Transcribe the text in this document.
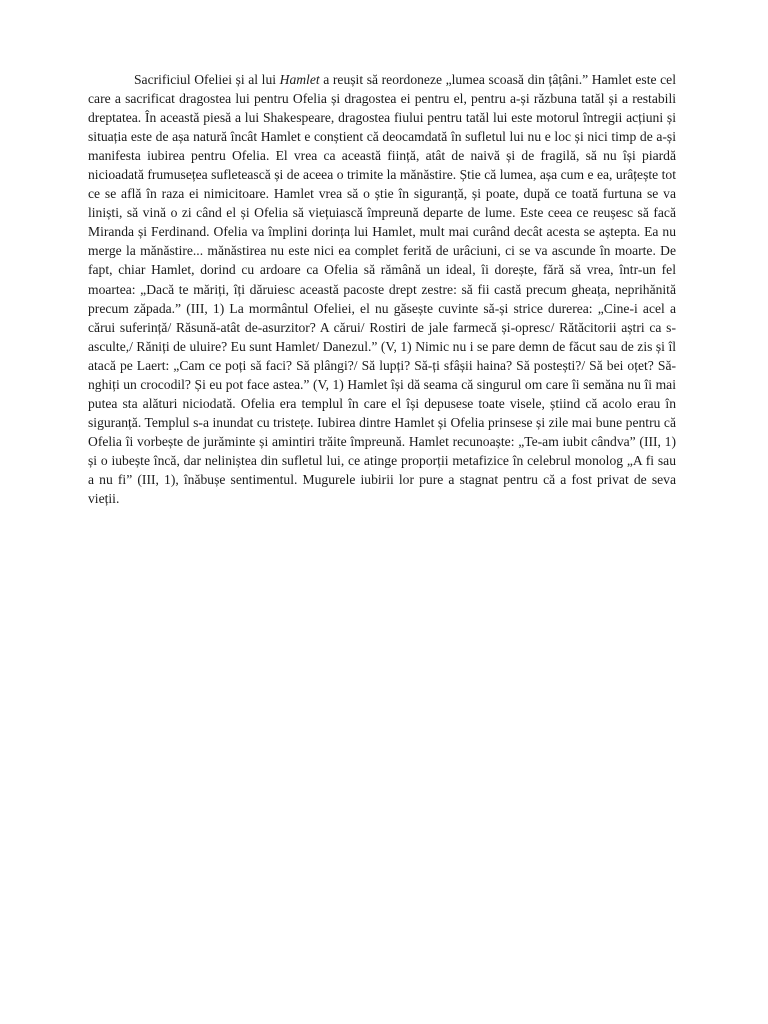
Sacrificiul Ofeliei și al lui Hamlet a reușit să reordoneze „lumea scoasă din țâțâni.” Hamlet este cel care a sacrificat dragostea lui pentru Ofelia și dragostea ei pentru el, pentru a-și răzbuna tatăl și a restabili dreptatea. În această piesă a lui Shakespeare, dragostea fiului pentru tatăl lui este motorul întregii acțiuni și situația este de așa natură încât Hamlet e conștient că deocamdată în sufletul lui nu e loc și nici timp de a-și manifesta iubirea pentru Ofelia. El vrea ca această ființă, atât de naivă și de fragilă, să nu își piardă nicioadată frumusețea sufletească și de aceea o trimite la mănăstire. Știe că lumea, așa cum e ea, urâțește tot ce se află în raza ei nimicitoare. Hamlet vrea să o știe în siguranță, și poate, după ce toată furtuna se va liniști, să vină o zi când el și Ofelia să viețuiască împreună departe de lume. Este ceea ce reușesc să facă Miranda și Ferdinand. Ofelia va împlini dorința lui Hamlet, mult mai curând decât acesta se aștepta. Ea nu merge la mănăstire... mănăstirea nu este nici ea complet ferită de urâciuni, ci se va ascunde în moarte. De fapt, chiar Hamlet, dorind cu ardoare ca Ofelia să rămână un ideal, îi dorește, fără să vrea, într-un fel moartea: „Dacă te măriți, îți dăruiesc această pacoste drept zestre: să fii castă precum gheața, neprihănită precum zăpada.” (III, 1) La mormântul Ofeliei, el nu găsește cuvinte să-și strice durerea: „Cine-i acel a cărui suferință/ Răsună-atât de-asurzitor? A cărui/ Rostiri de jale farmecă și-opresc/ Rătăcitorii aștri ca s-asculte,/ Răniți de uluire? Eu sunt Hamlet/ Danezul.” (V, 1) Nimic nu i se pare demn de făcut sau de zis și îl atacă pe Laert: „Cam ce poți să faci? Să plângi?/ Să lupți? Să-ți sfâșii haina? Să postești?/ Să bei oțet? Să-nghiți un crocodil? Și eu pot face astea.” (V, 1) Hamlet își dă seama că singurul om care îi semăna nu îi mai putea sta alături niciodată. Ofelia era templul în care el își depusese toate visele, știind că acolo erau în siguranță. Templul s-a inundat cu tristețe. Iubirea dintre Hamlet și Ofelia prinsese și zile mai bune pentru că Ofelia îi vorbește de jurăminte și amintiri trăite împreună. Hamlet recunoaște: „Te-am iubit cândva” (III, 1) și o iubește încă, dar neliniștea din sufletul lui, ce atinge proporții metafizice în celebrul monolog „A fi sau a nu fi” (III, 1), înăbușe sentimentul. Mugurele iubirii lor pure a stagnat pentru că a fost privat de seva vieții.
